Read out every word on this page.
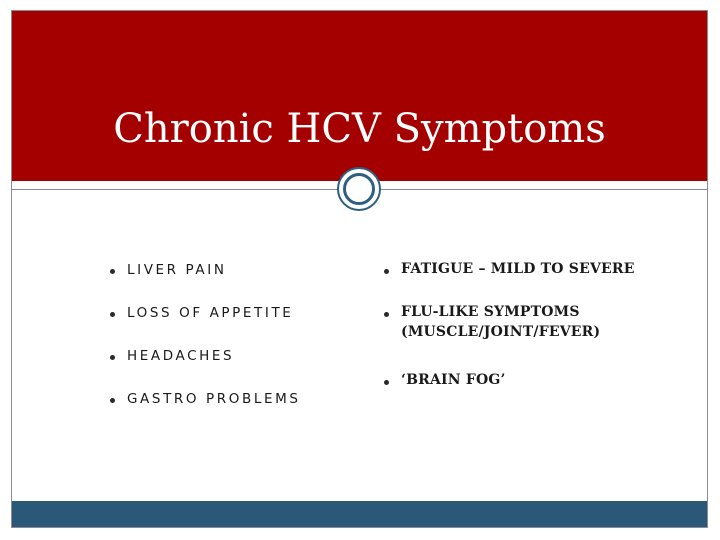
Chronic HCV Symptoms
LIVER PAIN
LOSS OF APPETITE
HEADACHES
GASTRO PROBLEMS
FATIGUE – MILD TO SEVERE
FLU-LIKE SYMPTOMS
(MUSCLE/JOINT/FEVER)
‘BRAIN FOG’
